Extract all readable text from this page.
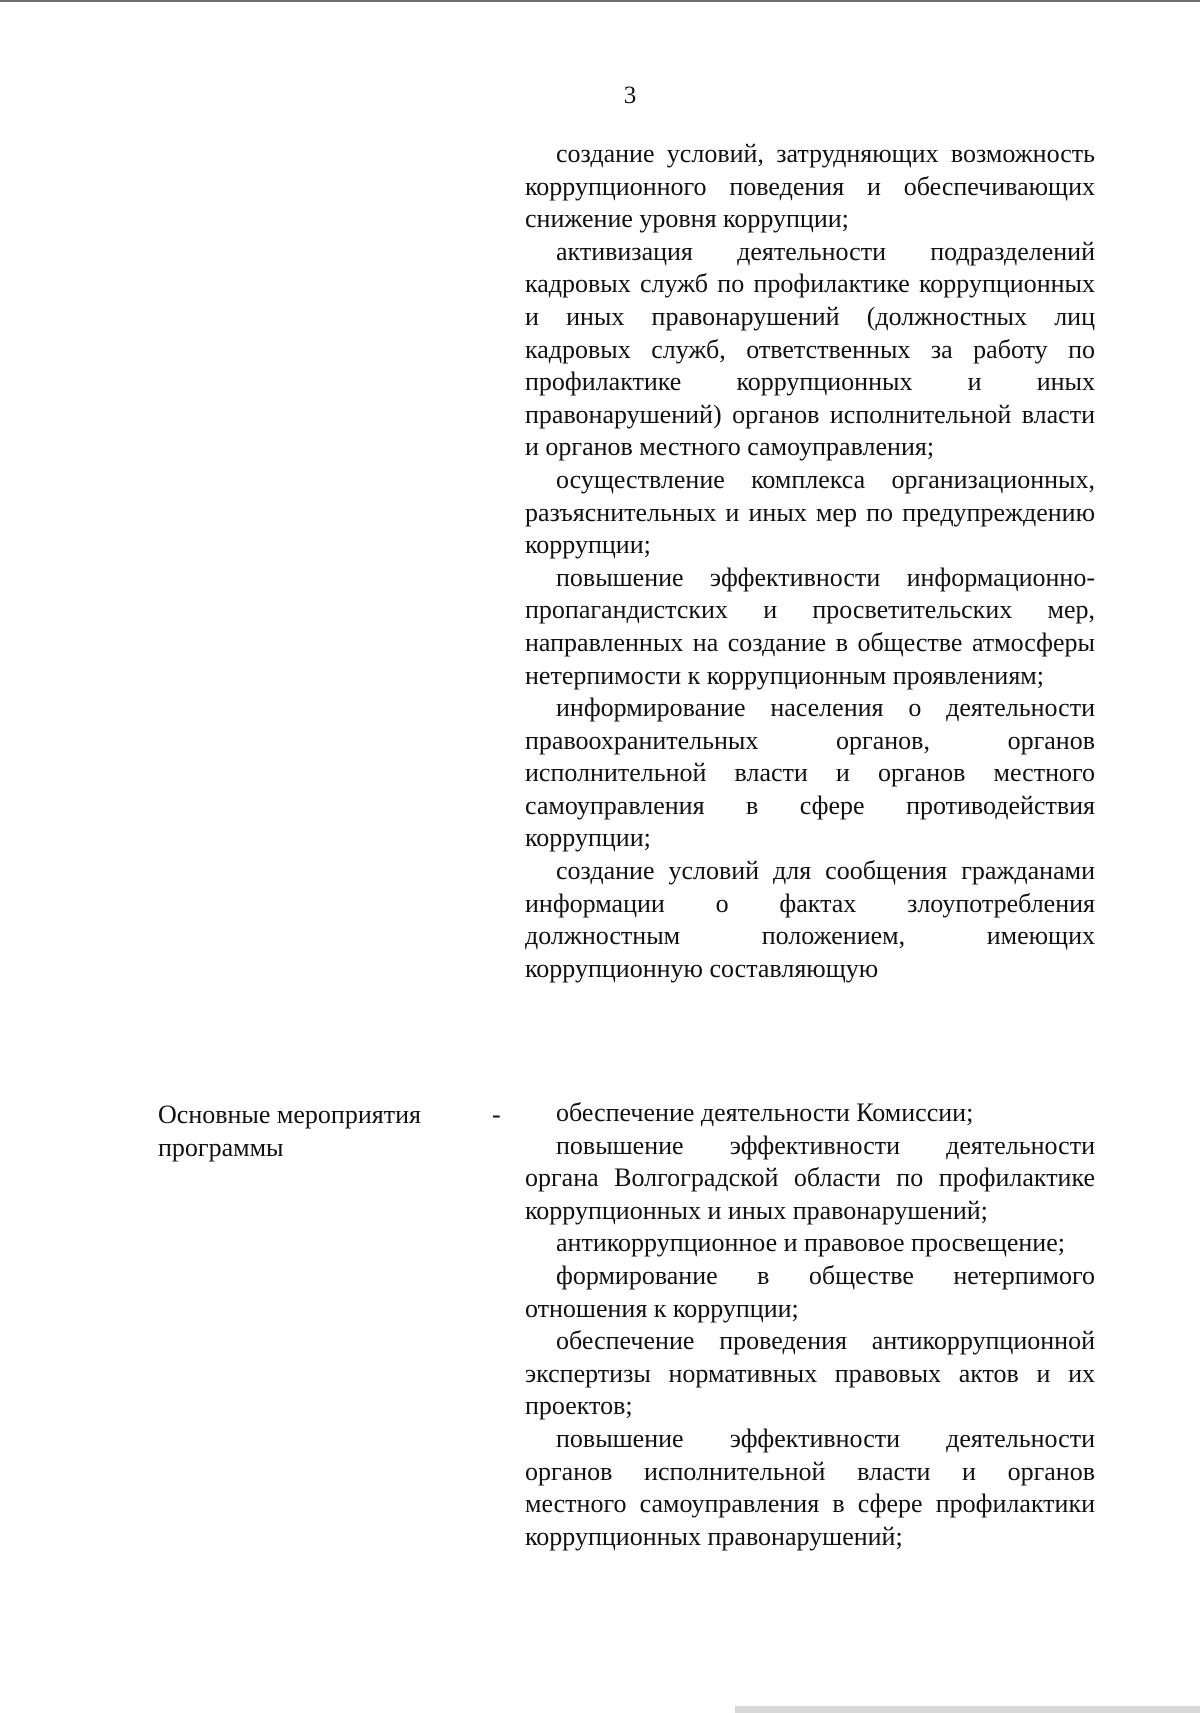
3

создание условий, затрудняющих возможность коррупционного поведения и обеспечивающих снижение уровня коррупции;

активизация деятельности подразделений кадровых служб по профилактике коррупционных и иных правонарушений (должностных лиц кадровых служб, ответственных за работу по профилактике коррупционных и иных правонарушений) органов исполнительной власти и органов местного самоуправления;

осуществление комплекса организационных, разъяснительных и иных мер по предупреждению коррупции;

повышение эффективности информационно-пропагандистских и просветительских мер, направленных на создание в обществе атмосферы нетерпимости к коррупционным проявлениям;

информирование населения о деятельности правоохранительных органов, органов исполнительной власти и органов местного самоуправления в сфере противодействия коррупции;

создание условий для сообщения гражданами информации о фактах злоупотребления должностным положением, имеющих коррупционную составляющую

Основные мероприятия
программы
-	обеспечение деятельности Комиссии;

повышение эффективности деятельности органа Волгоградской области по профилактике коррупционных и иных правонарушений;

антикоррупционное и правовое просвещение;

формирование в обществе нетерпимого отношения к коррупции;

обеспечение проведения антикоррупционной экспертизы нормативных правовых актов и их проектов;

повышение эффективности деятельности органов исполнительной власти и органов местного самоуправления в сфере профилактики коррупционных правонарушений;
